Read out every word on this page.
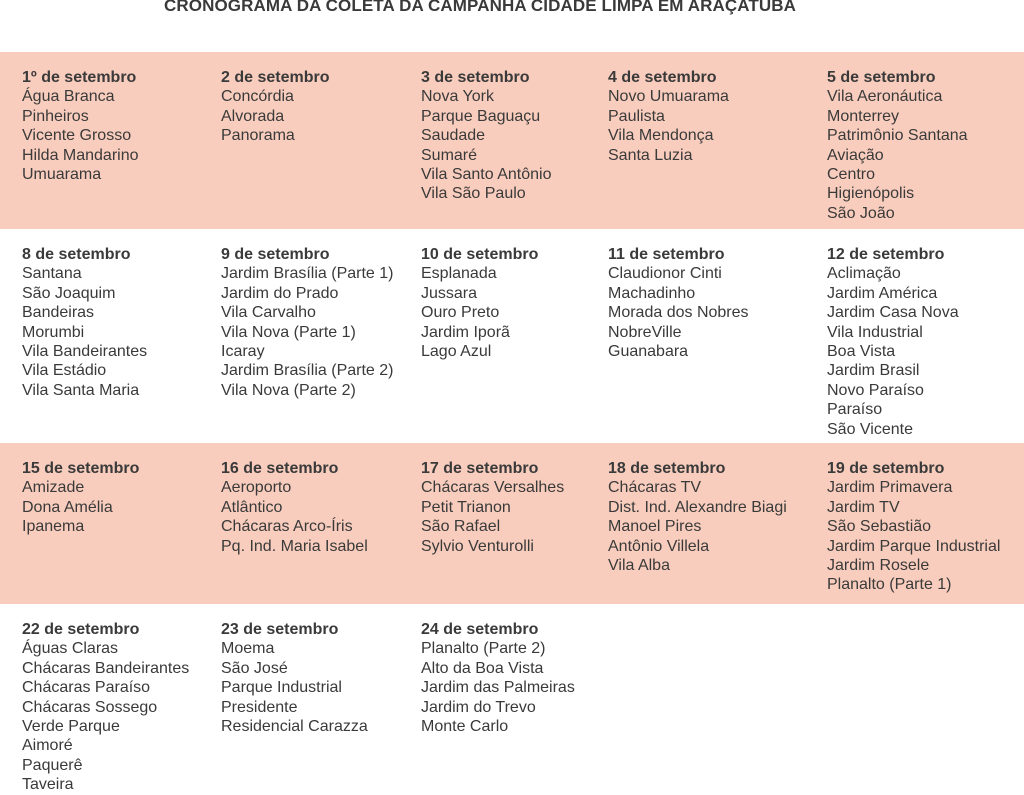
CRONOGRAMA DA COLETA DA CAMPANHA CIDADE LIMPA EM ARAÇATUBA
1º de setembro
Água Branca
Pinheiros
Vicente Grosso
Hilda Mandarino
Umuarama
2 de setembro
Concórdia
Alvorada
Panorama
3 de setembro
Nova York
Parque Baguaçu
Saudade
Sumaré
Vila Santo Antônio
Vila São Paulo
4 de setembro
Novo Umuarama
Paulista
Vila Mendonça
Santa Luzia
5 de setembro
Vila Aeronáutica
Monterrey
Patrimônio Santana
Aviação
Centro
Higienópolis
São João
8 de setembro
Santana
São Joaquim
Bandeiras
Morumbi
Vila Bandeirantes
Vila Estádio
Vila Santa Maria
9 de setembro
Jardim Brasília (Parte 1)
Jardim do Prado
Vila Carvalho
Vila Nova (Parte 1)
Icaray
Jardim Brasília (Parte 2)
Vila Nova (Parte 2)
10 de setembro
Esplanada
Jussara
Ouro Preto
Jardim Iporã
Lago Azul
11 de setembro
Claudionor Cinti
Machadinho
Morada dos Nobres
NobreVille
Guanabara
12 de setembro
Aclimação
Jardim América
Jardim Casa Nova
Vila Industrial
Boa Vista
Jardim Brasil
Novo Paraíso
Paraíso
São Vicente
15 de setembro
Amizade
Dona Amélia
Ipanema
16 de setembro
Aeroporto
Atlântico
Chácaras Arco-Íris
Pq. Ind. Maria Isabel
17 de setembro
Chácaras Versalhes
Petit Trianon
São Rafael
Sylvio Venturolli
18 de setembro
Chácaras TV
Dist. Ind. Alexandre Biagi
Manoel Pires
Antônio Villela
Vila Alba
19 de setembro
Jardim Primavera
Jardim TV
São Sebastião
Jardim Parque Industrial
Jardim Rosele
Planalto (Parte 1)
22 de setembro
Águas Claras
Chácaras Bandeirantes
Chácaras Paraíso
Chácaras Sossego
Verde Parque
Aimoré
Paquerê
Taveira
23 de setembro
Moema
São José
Parque Industrial
Presidente
Residencial Carazza
24 de setembro
Planalto (Parte 2)
Alto da Boa Vista
Jardim das Palmeiras
Jardim do Trevo
Monte Carlo
